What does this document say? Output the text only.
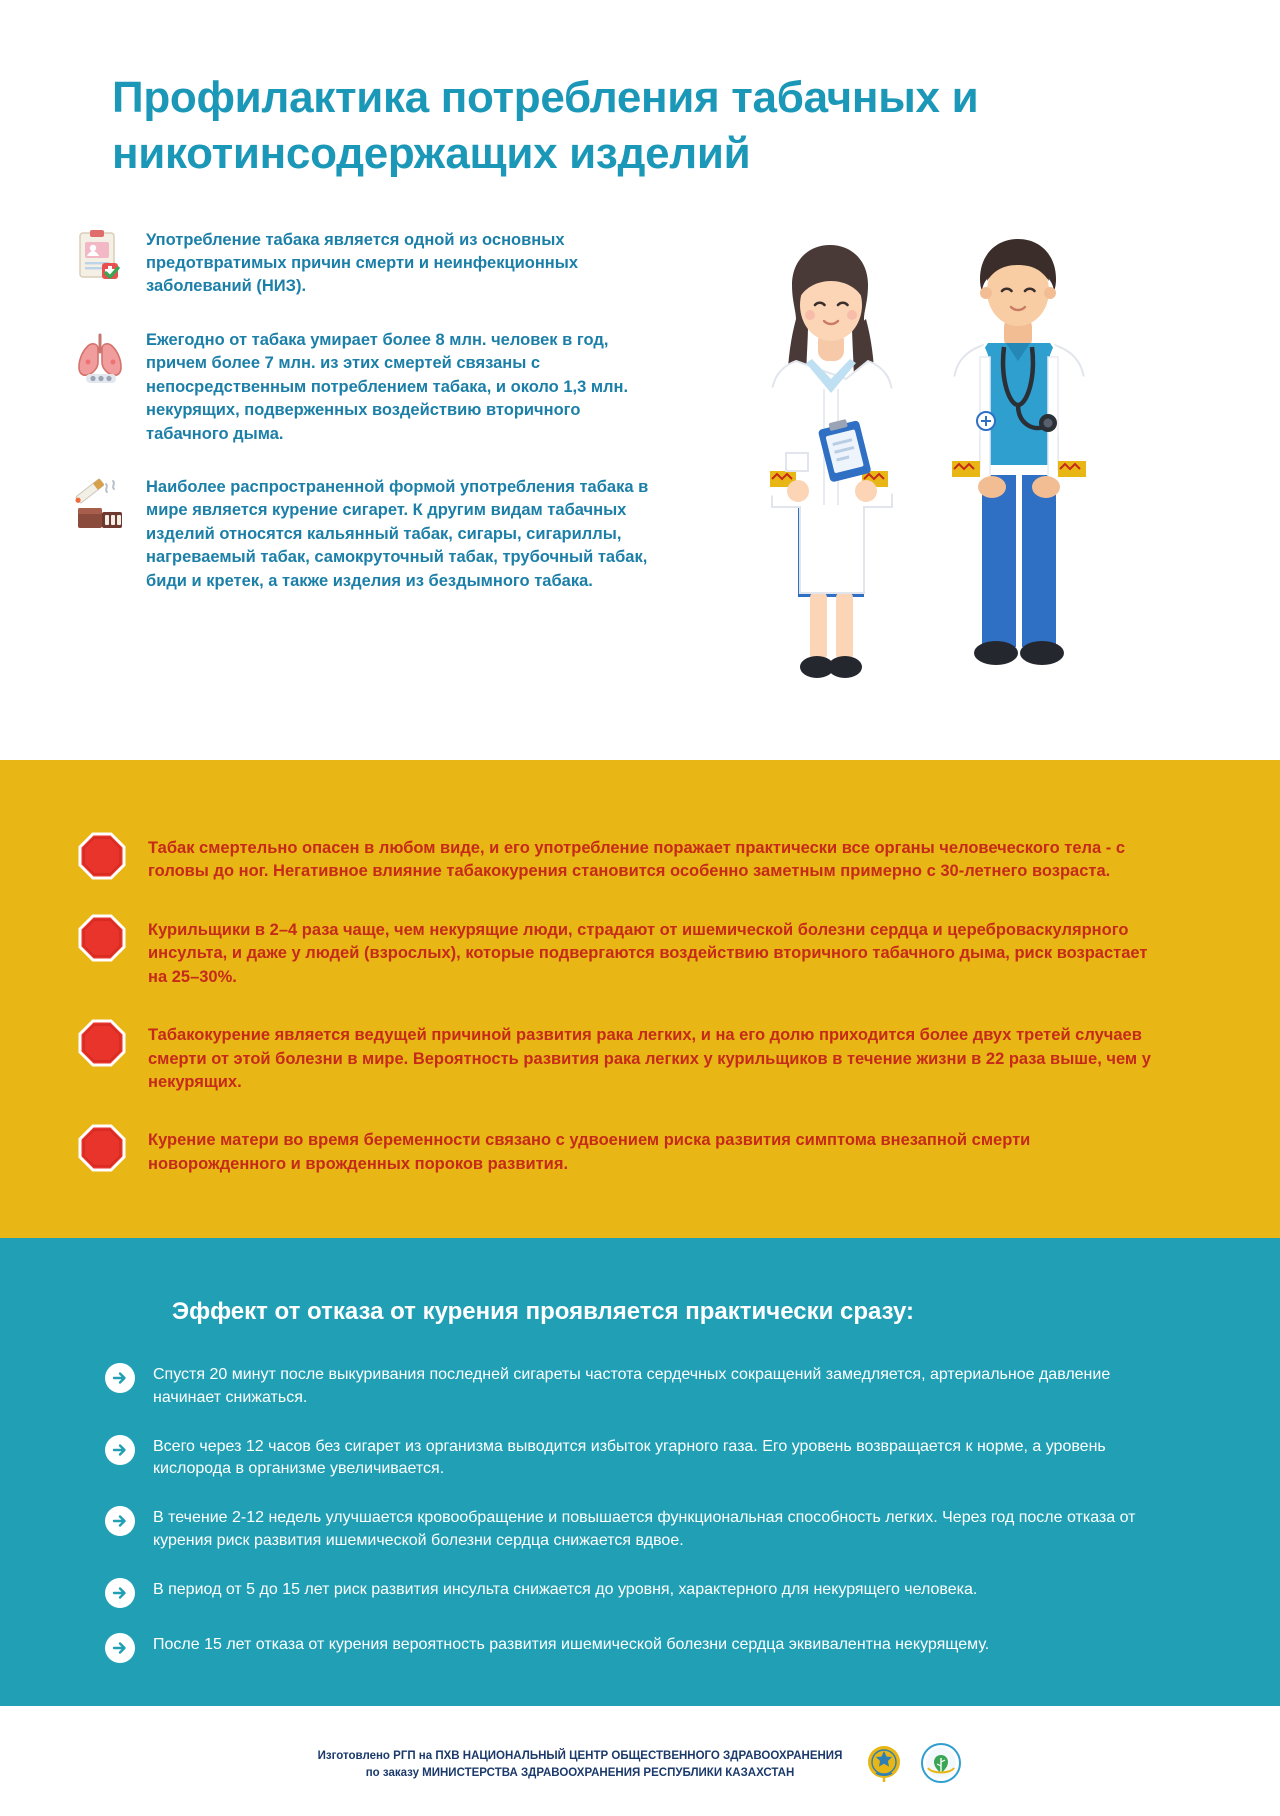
Профилактика потребления табачных и никотинсодержащих изделий
Употребление табака является одной из основных предотвратимых причин смерти и неинфекционных заболеваний (НИЗ).
Ежегодно от табака умирает более 8 млн. человек в год, причем более 7 млн. из этих смертей связаны с непосредственным потреблением табака, и около 1,3 млн. некурящих, подверженных воздействию вторичного табачного дыма.
Наиболее распространенной формой употребления табака в мире является курение сигарет. К другим видам табачных изделий относятся кальянный табак, сигары, сигариллы, нагреваемый табак, самокруточный табак, трубочный табак, биди и кретек, а также изделия из бездымного табака.
Табак смертельно опасен в любом виде, и его употребление поражает практически все органы человеческого тела - с головы до ног. Негативное влияние табакокурения становится особенно заметным примерно с 30-летнего возраста.
Курильщики в 2–4 раза чаще, чем некурящие люди, страдают от ишемической болезни сердца и цереброваскулярного инсульта, и даже у людей (взрослых), которые подвергаются воздействию вторичного табачного дыма, риск возрастает на 25–30%.
Табакокурение является ведущей причиной развития рака легких, и на его долю приходится более двух третей случаев смерти от этой болезни в мире. Вероятность развития рака легких у курильщиков в течение жизни в 22 раза выше, чем у некурящих.
Курение матери во время беременности связано с удвоением риска развития симптома внезапной смерти новорожденного и врожденных пороков развития.
Эффект от отказа от курения проявляется практически сразу:
Спустя 20 минут после выкуривания последней сигареты частота сердечных сокращений замедляется, артериальное давление начинает снижаться.
Всего через 12 часов без сигарет из организма выводится избыток угарного газа. Его уровень возвращается к норме, а уровень кислорода в организме увеличивается.
В течение 2-12 недель улучшается кровообращение и повышается функциональная способность легких. Через год после отказа от курения риск развития ишемической болезни сердца снижается вдвое.
В период от 5 до 15 лет риск развития инсульта снижается до уровня, характерного для некурящего человека.
После 15 лет отказа от курения вероятность развития ишемической болезни сердца эквивалентна некурящему.
Изготовлено РГП на ПХВ НАЦИОНАЛЬНЫЙ ЦЕНТР ОБЩЕСТВЕННОГО ЗДРАВООХРАНЕНИЯ
по заказу МИНИСТЕРСТВА ЗДРАВООХРАНЕНИЯ РЕСПУБЛИКИ КАЗАХСТАН
